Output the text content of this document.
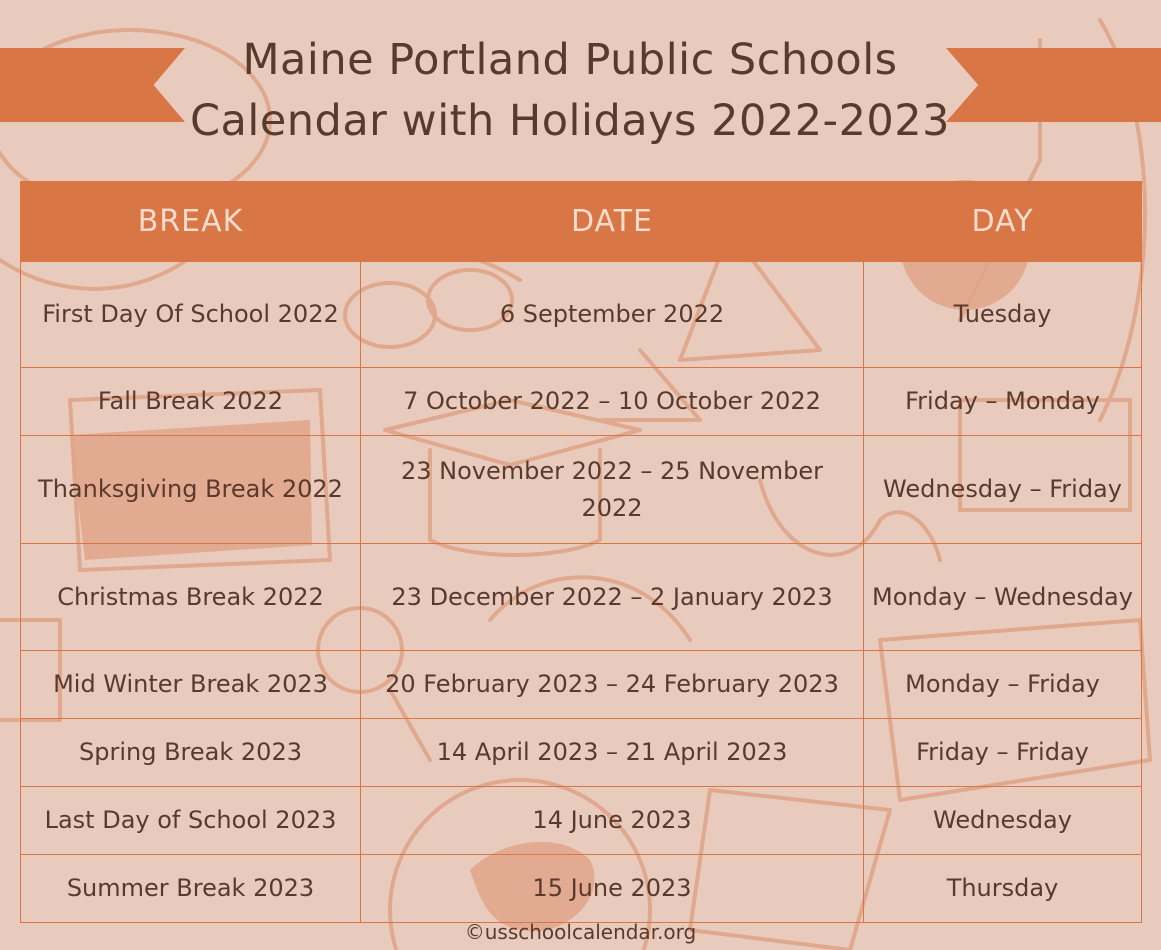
Maine Portland Public Schools
Calendar with Holidays 2022-2023
BREAK	DATE	DAY
First Day Of School 2022	6 September 2022	Tuesday
Fall Break 2022	7 October 2022 – 10 October 2022	Friday – Monday
Thanksgiving Break 2022	23 November 2022 – 25 November 2022	Wednesday – Friday
Christmas Break 2022	23 December 2022 – 2 January 2023	Monday – Wednesday
Mid Winter Break 2023	20 February 2023 – 24 February 2023	Monday – Friday
Spring Break 2023	14 April 2023 – 21 April 2023	Friday – Friday
Last Day of School 2023	14 June 2023	Wednesday
Summer Break 2023	15 June 2023	Thursday
©usschoolcalendar.org
